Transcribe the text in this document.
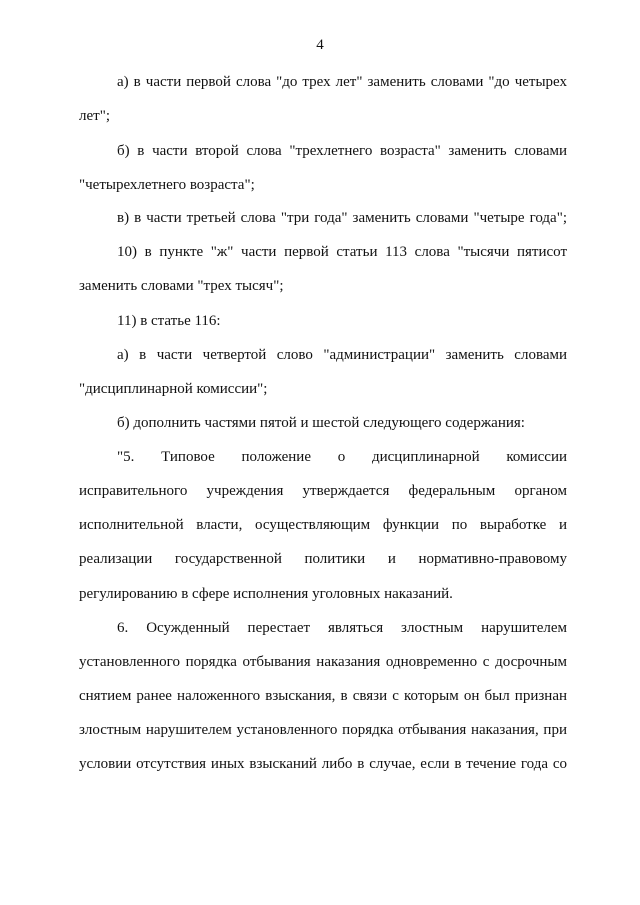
4
а) в части первой слова "до трех лет" заменить словами "до четырех
лет";
б) в части второй слова "трехлетнего возраста" заменить словами
"четырехлетнего возраста";
в) в части третьей слова "три года" заменить словами "четыре года";
10) в пункте "ж" части первой статьи 113 слова "тысячи пятисот
заменить словами "трех тысяч";
11) в статье 116:
а) в части четвертой слово "администрации" заменить словами
"дисциплинарной комиссии";
б) дополнить частями пятой и шестой следующего содержания:
"5. Типовое положение о дисциплинарной комиссии
исправительного учреждения утверждается федеральным органом
исполнительной власти, осуществляющим функции по выработке и
реализации государственной политики и нормативно-правовому
регулированию в сфере исполнения уголовных наказаний.
6. Осужденный перестает являться злостным нарушителем
установленного порядка отбывания наказания одновременно с досрочным
снятием ранее наложенного взыскания, в связи с которым он был признан
злостным нарушителем установленного порядка отбывания наказания, при
условии отсутствия иных взысканий либо в случае, если в течение года со
